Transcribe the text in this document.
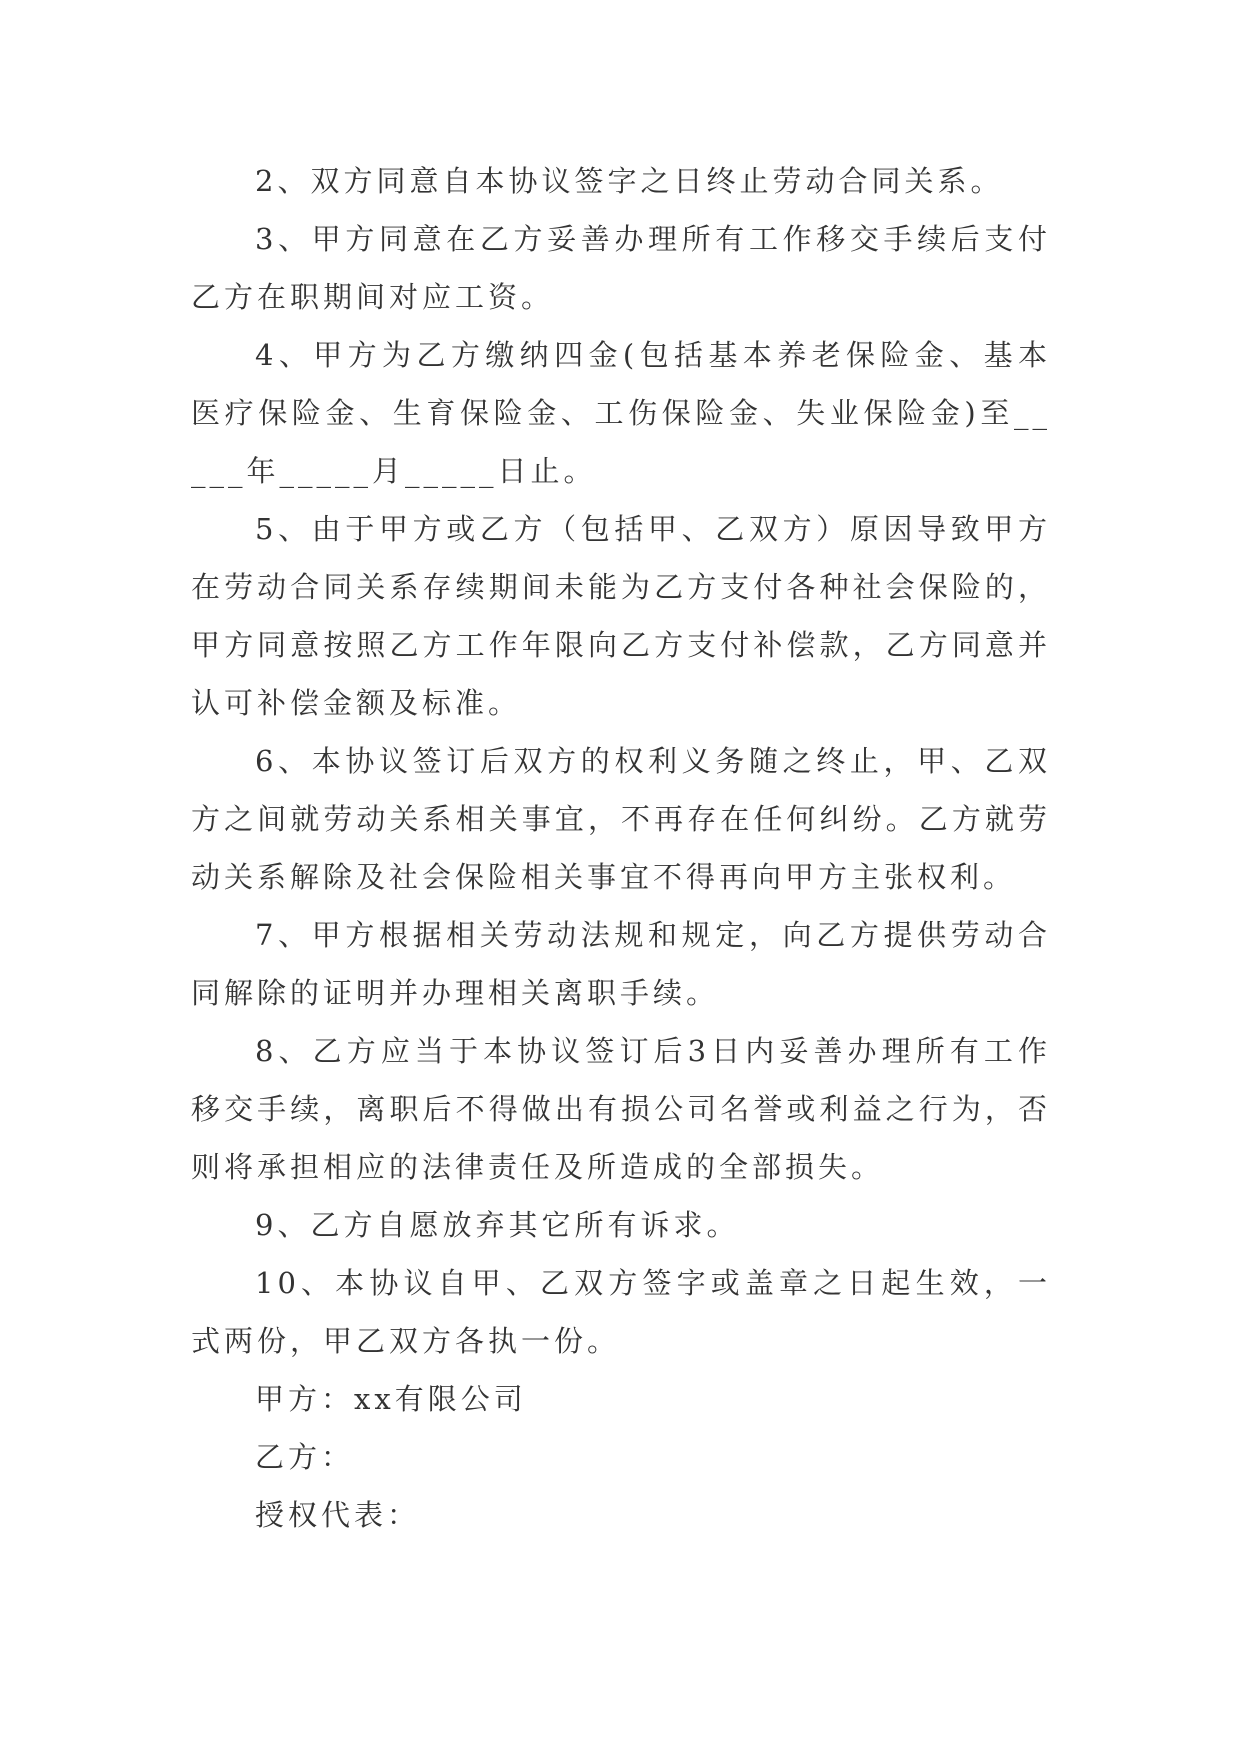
2、双方同意自本协议签字之日终止劳动合同关系。

3、甲方同意在乙方妥善办理所有工作移交手续后支付乙方在职期间对应工资。

4、甲方为乙方缴纳四金(包括基本养老保险金、基本医疗保险金、生育保险金、工伤保险金、失业保险金)至_____年_____月_____日止。

5、由于甲方或乙方（包括甲、乙双方）原因导致甲方在劳动合同关系存续期间未能为乙方支付各种社会保险的，甲方同意按照乙方工作年限向乙方支付补偿款，乙方同意并认可补偿金额及标准。

6、本协议签订后双方的权利义务随之终止，甲、乙双方之间就劳动关系相关事宜，不再存在任何纠纷。乙方就劳动关系解除及社会保险相关事宜不得再向甲方主张权利。

7、甲方根据相关劳动法规和规定，向乙方提供劳动合同解除的证明并办理相关离职手续。

8、乙方应当于本协议签订后3日内妥善办理所有工作移交手续，离职后不得做出有损公司名誉或利益之行为，否则将承担相应的法律责任及所造成的全部损失。

9、乙方自愿放弃其它所有诉求。

10、本协议自甲、乙双方签字或盖章之日起生效，一式两份，甲乙双方各执一份。

甲方：xx有限公司

乙方：

授权代表：
